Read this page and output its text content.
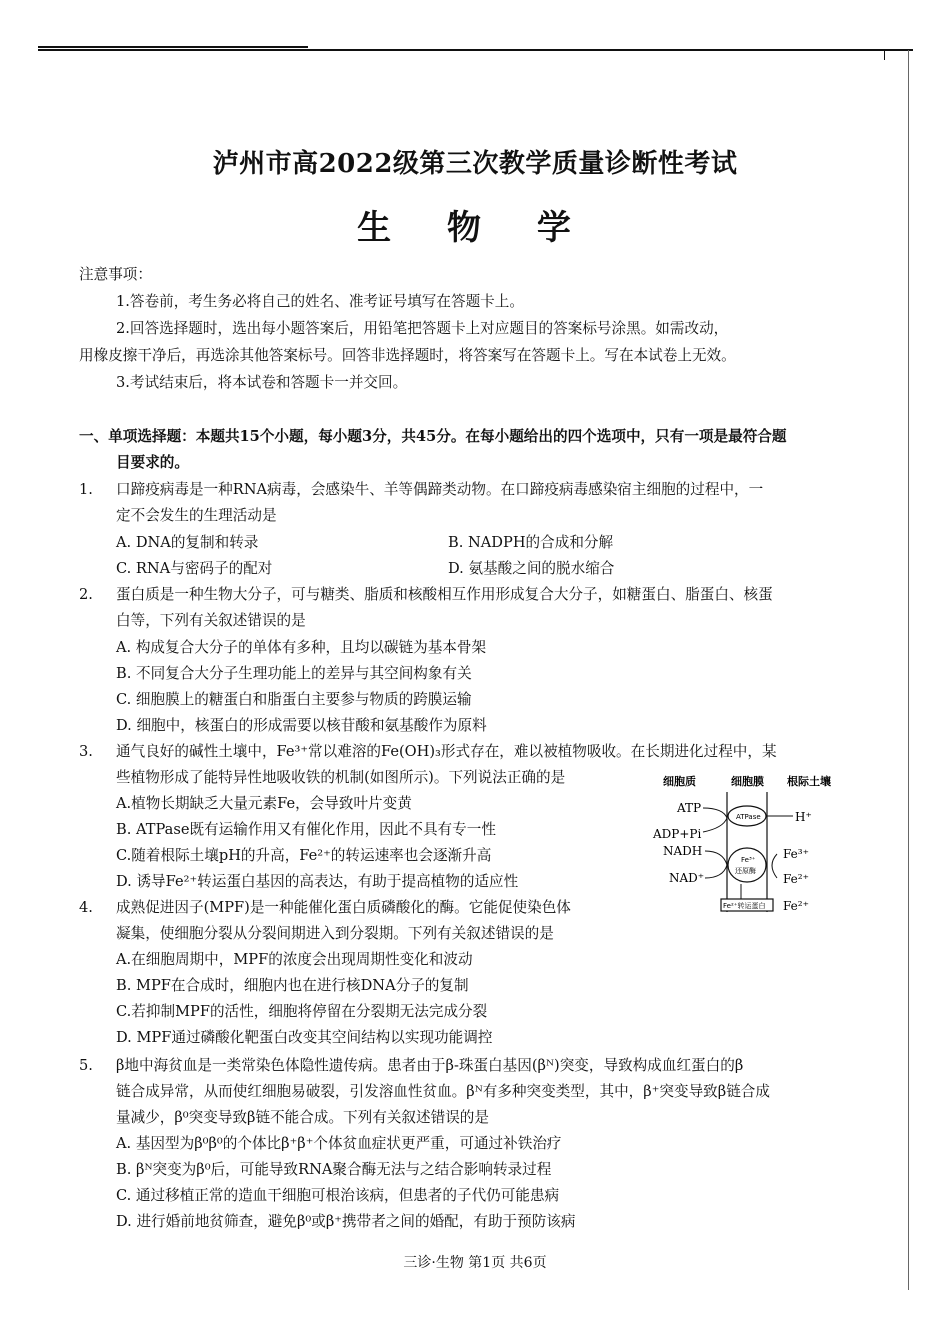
泸州市高2022级第三次教学质量诊断性考试
生 物 学
注意事项：
1.答卷前，考生务必将自己的姓名、准考证号填写在答题卡上。
2.回答选择题时，选出每小题答案后，用铅笔把答题卡上对应题目的答案标号涂黑。如需改动，
用橡皮擦干净后，再选涂其他答案标号。回答非选择题时，将答案写在答题卡上。写在本试卷上无效。
3.考试结束后，将本试卷和答题卡一并交回。
一、单项选择题：本题共15个小题，每小题3分，共45分。在每小题给出的四个选项中，只有一项是最符合题
目要求的。
1. 口蹄疫病毒是一种RNA病毒，会感染牛、羊等偶蹄类动物。在口蹄疫病毒感染宿主细胞的过程中，一
定不会发生的生理活动是
A. DNA的复制和转录	B. NADPH的合成和分解
C. RNA与密码子的配对	D. 氨基酸之间的脱水缩合
2. 蛋白质是一种生物大分子，可与糖类、脂质和核酸相互作用形成复合大分子，如糖蛋白、脂蛋白、核蛋
白等，下列有关叙述错误的是
A. 构成复合大分子的单体有多种，且均以碳链为基本骨架
B. 不同复合大分子生理功能上的差异与其空间构象有关
C. 细胞膜上的糖蛋白和脂蛋白主要参与物质的跨膜运输
D. 细胞中，核蛋白的形成需要以核苷酸和氨基酸作为原料
3. 通气良好的碱性土壤中，Fe³⁺常以难溶的Fe(OH)₃形式存在，难以被植物吸收。在长期进化过程中，某
些植物形成了能特异性地吸收铁的机制(如图所示)。下列说法正确的是
A.植物长期缺乏大量元素Fe，会导致叶片变黄
B. ATPase既有运输作用又有催化作用，因此不具有专一性
C.随着根际土壤pH的升高，Fe²⁺的转运速率也会逐渐升高
D. 诱导Fe²⁺转运蛋白基因的高表达，有助于提高植物的适应性
细胞质	细胞膜 根际土壤
ATPase
ATP
ADP+Pi
H⁺
Fe³⁺
还原酶
NADH
NAD⁺
Fe³⁺
Fe²⁺
Fe²⁺转运蛋白 Fe²⁺
4. 成熟促进因子(MPF)是一种能催化蛋白质磷酸化的酶。它能促使染色体
凝集，使细胞分裂从分裂间期进入到分裂期。下列有关叙述错误的是
A.在细胞周期中，MPF的浓度会出现周期性变化和波动
B. MPF在合成时，细胞内也在进行核DNA分子的复制
C.若抑制MPF的活性，细胞将停留在分裂期无法完成分裂
D. MPF通过磷酸化靶蛋白改变其空间结构以实现功能调控
5. β地中海贫血是一类常染色体隐性遗传病。患者由于β-珠蛋白基因(βᴺ)突变，导致构成血红蛋白的β
链合成异常，从而使红细胞易破裂，引发溶血性贫血。βᴺ有多种突变类型，其中，β⁺突变导致β链合成
量减少，β⁰突变导致β链不能合成。下列有关叙述错误的是
A. 基因型为β⁰β⁰的个体比β⁺β⁺个体贫血症状更严重，可通过补铁治疗
B. βᴺ突变为β⁰后，可能导致RNA聚合酶无法与之结合影响转录过程
C. 通过移植正常的造血干细胞可根治该病，但患者的子代仍可能患病
D. 进行婚前地贫筛查，避免β⁰或β⁺携带者之间的婚配，有助于预防该病
三诊·生物 第1页 共6页
